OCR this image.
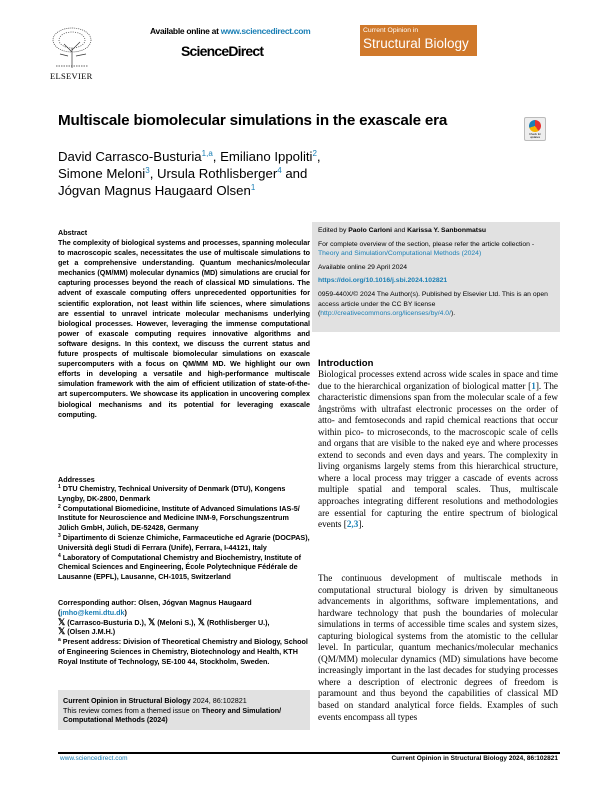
ELSEVIER
Available online at www.sciencedirect.com
ScienceDirect
Current Opinion in
Structural Biology
Multiscale biomolecular simulations in the exascale era
Check for updates
David Carrasco-Busturia$^{1,a}$, Emiliano Ippoliti$^2$,
Simone Meloni$^3$, Ursula Rothlisberger$^4$ and
Jógvan Magnus Haugaard Olsen$^1$
Abstract
The complexity of biological systems and processes, spanning molecular to macroscopic scales, necessitates the use of multiscale simulations to get a comprehensive understanding. Quantum mechanics/molecular mechanics (QM/MM) molecular dynamics (MD) simulations are crucial for capturing processes beyond the reach of classical MD simulations. The advent of exascale computing offers unprecedented opportunities for scientific exploration, not least within life sciences, where simulations are essential to unravel intricate molecular mechanisms underlying biological processes. However, leveraging the immense computational power of exascale computing requires innovative algorithms and software designs. In this context, we discuss the current status and future prospects of multiscale biomolecular simulations on exascale supercomputers with a focus on QM/MM MD. We highlight our own efforts in developing a versatile and high-performance multiscale simulation framework with the aim of efficient utilization of state-of-the-art supercomputers. We showcase its application in uncovering complex biological mechanisms and its potential for leveraging exascale computing.
Addresses
$^1$ DTU Chemistry, Technical University of Denmark (DTU), Kongens Lyngby, DK-2800, Denmark
$^2$ Computational Biomedicine, Institute of Advanced Simulations IAS-5/ Institute for Neuroscience and Medicine INM-9, Forschungszentrum Jülich GmbH, Jülich, DE-52428, Germany
$^3$ Dipartimento di Scienze Chimiche, Farmaceutiche ed Agrarie (DOCPAS), Università degli Studi di Ferrara (Unife), Ferrara, I-44121, Italy
$^4$ Laboratory of Computational Chemistry and Biochemistry, Institute of Chemical Sciences and Engineering, École Polytechnique Fédérale de Lausanne (EPFL), Lausanne, CH-1015, Switzerland
Corresponding author: Olsen, Jógvan Magnus Haugaard (jmho@kemi.dtu.dk)
𝕏 (Carrasco-Busturia D.), 𝕏 (Meloni S.), 𝕏 (Rothlisberger U.),
𝕏 (Olsen J.M.H.)
$^a$ Present address: Division of Theoretical Chemistry and Biology, School of Engineering Sciences in Chemistry, Biotechnology and Health, KTH Royal Institute of Technology, SE-100 44, Stockholm, Sweden.
Current Opinion in Structural Biology 2024, 86:102821
This review comes from a themed issue on Theory and Simulation/ Computational Methods (2024)

Edited by Paolo Carloni and Karissa Y. Sanbonmatsu

For complete overview of the section, please refer the article collection -
Theory and Simulation/Computational Methods (2024)

Available online 29 April 2024

https://doi.org/10.1016/j.sbi.2024.102821

0959-440X/© 2024 The Author(s). Published by Elsevier Ltd. This is an open access article under the CC BY license (http://creativecommons.org/licenses/by/4.0/).

Introduction
Biological processes extend across wide scales in space and time due to the hierarchical organization of biological matter [1]. The characteristic dimensions span from the molecular scale of a few ångströms with ultrafast electronic processes on the order of atto- and femtoseconds and rapid chemical reactions that occur within pico- to microseconds, to the macroscopic scale of cells and organs that are visible to the naked eye and where processes extend to seconds and even days and years. The complexity in living organisms largely stems from this hierarchical structure, where a local process may trigger a cascade of events across multiple spatial and temporal scales. Thus, multiscale approaches integrating different resolutions and methodologies are essential for capturing the entire spectrum of biological events [2,3].
The continuous development of multiscale methods in computational structural biology is driven by simultaneous advancements in algorithms, software implementations, and hardware technology that push the boundaries of molecular simulations in terms of accessible time scales and system sizes, capturing biological systems from the atomistic to the cellular level. In particular, quantum mechanics/molecular mechanics (QM/MM) molecular dynamics (MD) simulations have become increasingly important in the last decades for studying processes where a description of electronic degrees of freedom is paramount and thus beyond the capabilities of classical MD based on standard analytical force fields. Examples of such events encompass all types
www.sciencedirect.com	Current Opinion in Structural Biology 2024, 86:102821
